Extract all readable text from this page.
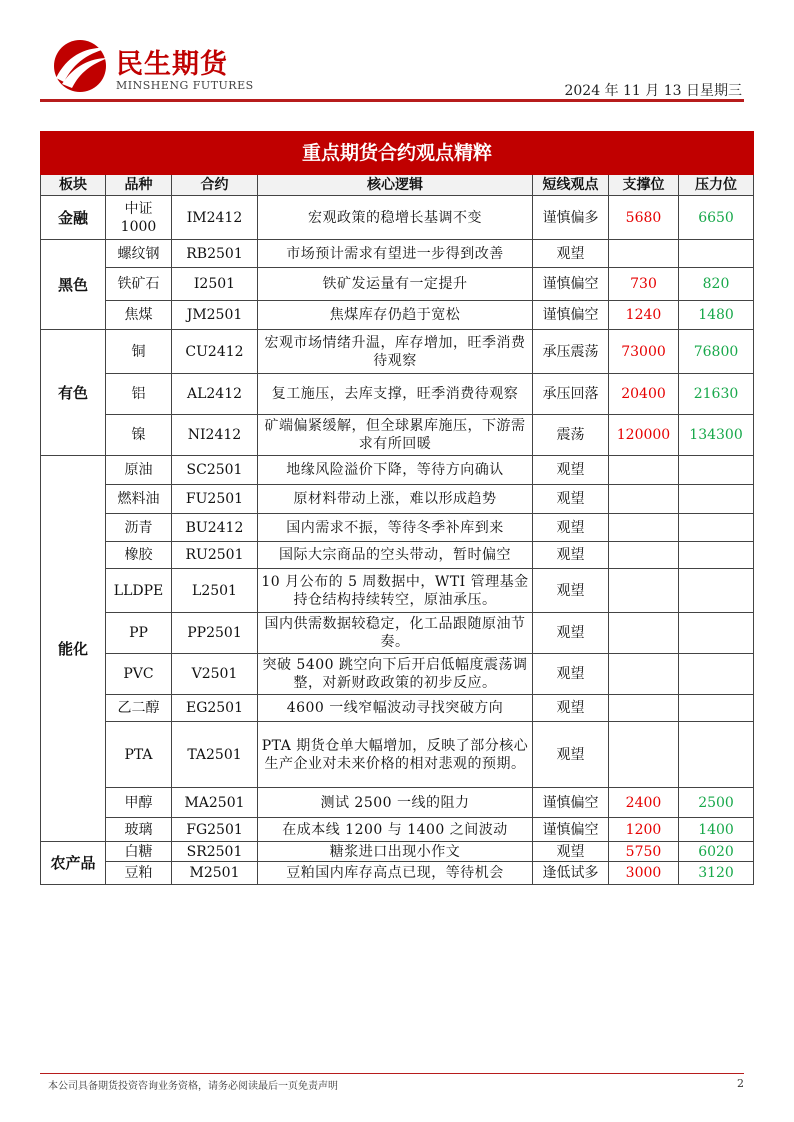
民生期货
MINSHENG FUTURES	2024 年 11 月 13 日星期三
重点期货合约观点精粹						
板块	品种	合约	核心逻辑	短线观点	支撑位	压力位
金融	中证1000	IM2412	宏观政策的稳增长基调不变	谨慎偏多	5680	6650
黑色	螺纹钢	RB2501	市场预计需求有望进一步得到改善	观望		
	铁矿石	I2501	铁矿发运量有一定提升	谨慎偏空	730	820
	焦煤	JM2501	焦煤库存仍趋于宽松	谨慎偏空	1240	1480
有色	铜	CU2412	宏观市场情绪升温，库存增加，旺季消费待观察	承压震荡	73000	76800
	铝	AL2412	复工施压，去库支撑，旺季消费待观察	承压回落	20400	21630
	镍	NI2412	矿端偏紧缓解，但全球累库施压，下游需求有所回暖	震荡	120000	134300
能化	原油	SC2501	地缘风险溢价下降，等待方向确认	观望		
	燃料油	FU2501	原材料带动上涨，难以形成趋势	观望		
	沥青	BU2412	国内需求不振，等待冬季补库到来	观望		
	橡胶	RU2501	国际大宗商品的空头带动，暂时偏空	观望		
	LLDPE	L2501	10 月公布的 5 周数据中，WTI 管理基金持仓结构持续转空，原油承压。	观望		
	PP	PP2501	国内供需数据较稳定，化工品跟随原油节奏。	观望		
	PVC	V2501	突破 5400 跳空向下后开启低幅度震荡调整，对新财政政策的初步反应。	观望		
	乙二醇	EG2501	4600 一线窄幅波动寻找突破方向	观望		
	PTA	TA2501	PTA 期货仓单大幅增加，反映了部分核心生产企业对未来价格的相对悲观的预期。	观望		
	甲醇	MA2501	测试 2500 一线的阻力	谨慎偏空	2400	2500
	玻璃	FG2501	在成本线 1200 与 1400 之间波动	谨慎偏空	1200	1400
农产品	白糖	SR2501	糖浆进口出现小作文	观望	5750	6020
	豆粕	M2501	豆粕国内库存高点已现，等待机会	逢低试多	3000	3120
本公司具备期货投资咨询业务资格，请务必阅读最后一页免责声明	2
